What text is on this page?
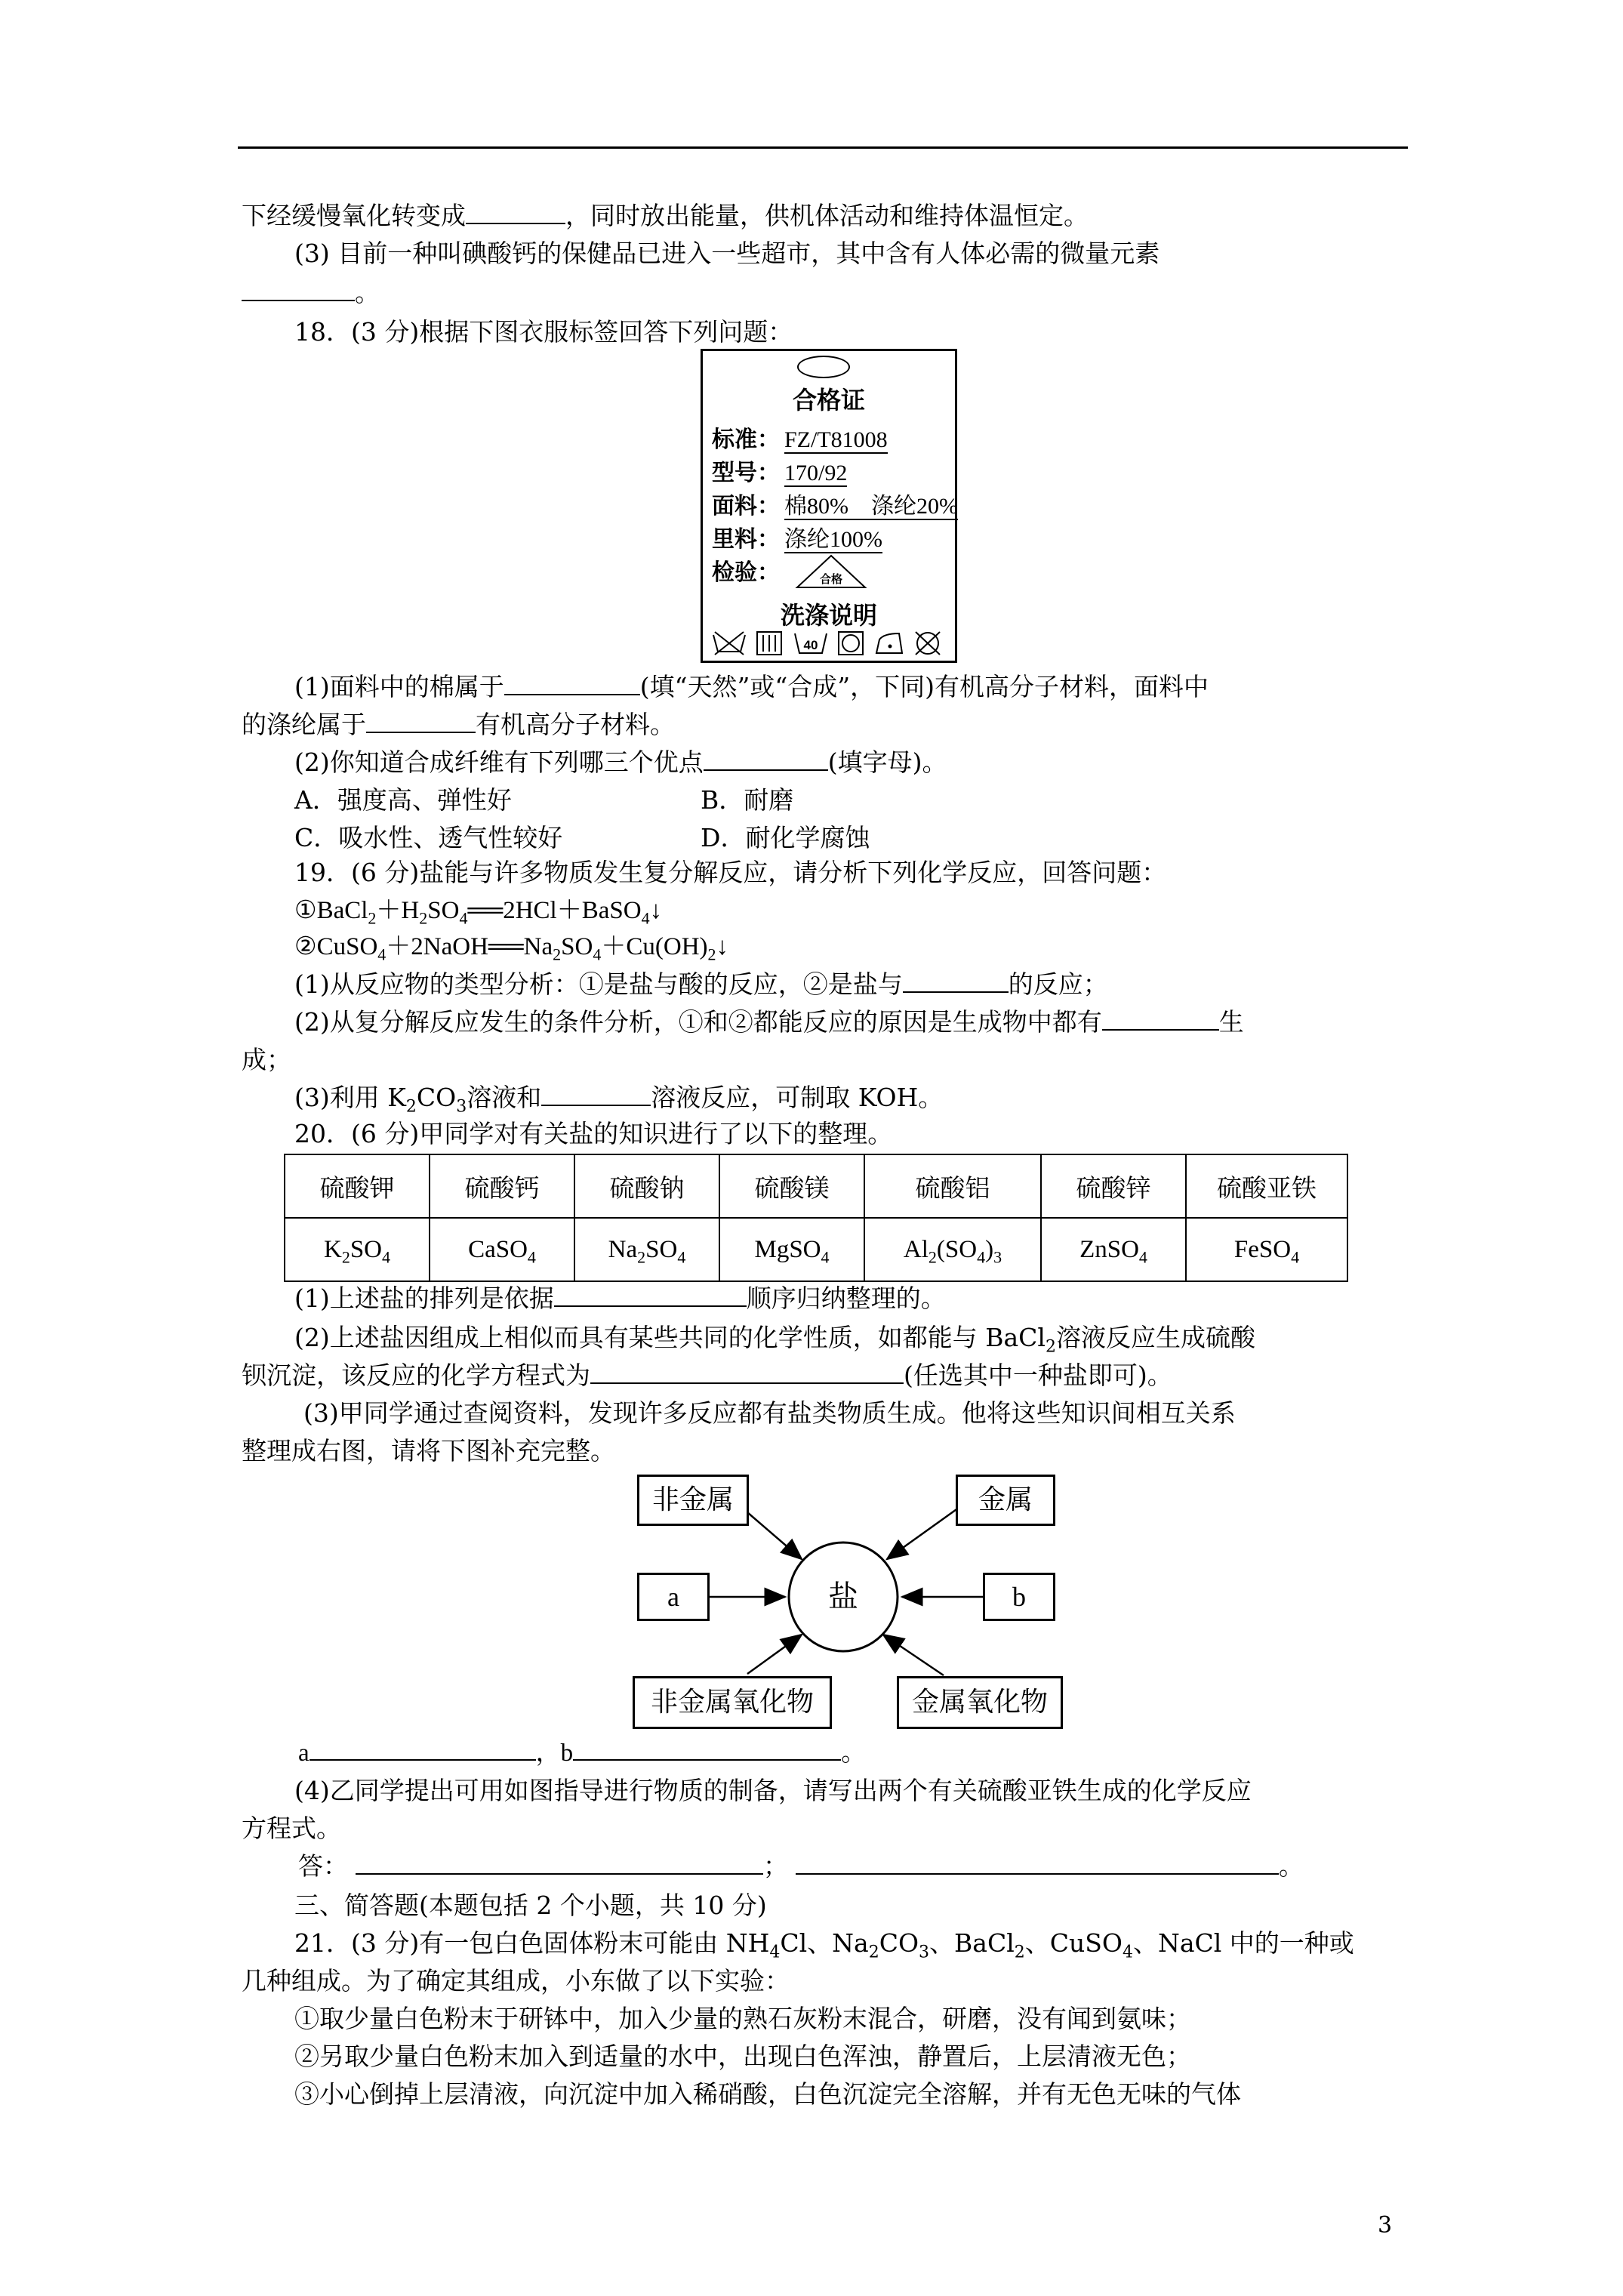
下经缓慢氧化转变成	，同时放出能量，供机体活动和维持体温恒定。
(3) 目前一种叫碘酸钙的保健品已进入一些超市，其中含有人体必需的微量元素
。
18．(3 分)根据下图衣服标签回答下列问题：
合格证
标准： FZ/T81008
型号： 170/92
面料： 棉80%　涤纶20%
里料： 涤纶100%
检验：	合格
洗涤说明
40
(1)面料中的棉属于	(填“天然”或“合成”，下同)有机高分子材料，面料中
的涤纶属于	有机高分子材料。
(2)你知道合成纤维有下列哪三个优点	(填字母)。
A．强度高、弹性好	B．耐磨
C．吸水性、透气性较好	D．耐化学腐蚀
19．(6 分)盐能与许多物质发生复分解反应，请分析下列化学反应，回答问题：
$①BaCl_2+H_2SO_4══2HCl+BaSO_4↓$
$②CuSO_4+2NaOH══Na_2SO_4+Cu(OH)_2↓$
(1)从反应物的类型分析：①是盐与酸的反应，②是盐与	的反应；
(2)从复分解反应发生的条件分析，①和②都能反应的原因是生成物中都有	生
成；
(3)利用 $K_2CO_3$溶液和	溶液反应，可制取 KOH。
20．(6 分)甲同学对有关盐的知识进行了以下的整理。
硫酸钾	硫酸钙	硫酸钠	硫酸镁	硫酸铝	硫酸锌	硫酸亚铁
$K_2SO_4$	CaSO$_4$	$Na_2SO_4$	MgSO$_4$	$Al_2(SO_4)_3$	ZnSO$_4$	FeSO$_4$
(1)上述盐的排列是依据	顺序归纳整理的。
(2)上述盐因组成上相似而具有某些共同的化学性质，如都能与 BaCl$_2$溶液反应生成硫酸
钡沉淀，该反应的化学方程式为	(任选其中一种盐即可)。
(3)甲同学通过查阅资料，发现许多反应都有盐类物质生成。他将这些知识间相互关系
整理成右图，请将下图补充完整。
非金属	金属
a	b
非金属氧化物	金属氧化物
盐
a	，b	。
(4)乙同学提出可用如图指导进行物质的制备，请写出两个有关硫酸亚铁生成的化学反应
方程式。
答：	；	。
三、简答题(本题包括 2 个小题，共 10 分)
21．(3 分)有一包白色固体粉末可能由 $NH_4Cl$、$Na_2CO_3$、BaCl$_2$、CuSO$_4$、NaCl 中的一种或
几种组成。为了确定其组成，小东做了以下实验：
①取少量白色粉末于研钵中，加入少量的熟石灰粉末混合，研磨，没有闻到氨味；
②另取少量白色粉末加入到适量的水中，出现白色浑浊，静置后，上层清液无色；
③小心倒掉上层清液，向沉淀中加入稀硝酸，白色沉淀完全溶解，并有无色无味的气体
3
